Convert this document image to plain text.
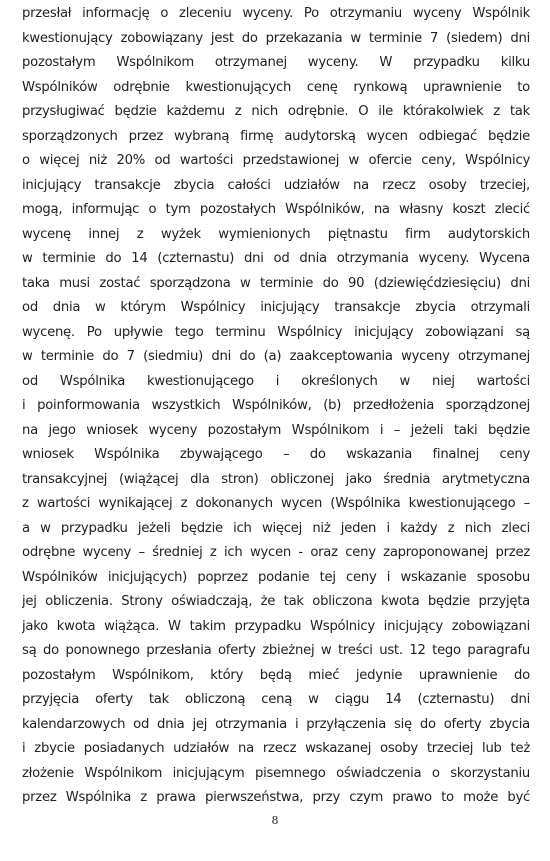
przesłał informację o zleceniu wyceny. Po otrzymaniu wyceny Wspólnik
kwestionujący zobowiązany jest do przekazania w terminie 7 (siedem) dni
pozostałym Wspólnikom otrzymanej wyceny. W przypadku kilku
Wspólników odrębnie kwestionujących cenę rynkową uprawnienie to
przysługiwać będzie każdemu z nich odrębnie. O ile którakolwiek z tak
sporządzonych przez wybraną firmę audytorską wycen odbiegać będzie
o więcej niż 20% od wartości przedstawionej w ofercie ceny, Wspólnicy
inicjujący transakcje zbycia całości udziałów na rzecz osoby trzeciej,
mogą, informując o tym pozostałych Wspólników, na własny koszt zlecić
wycenę innej z wyżek wymienionych piętnastu firm audytorskich
w terminie do 14 (czternastu) dni od dnia otrzymania wyceny. Wycena
taka musi zostać sporządzona w terminie do 90 (dziewięćdziesięciu) dni
od dnia w którym Wspólnicy inicjujący transakcje zbycia otrzymali
wycenę. Po upływie tego terminu Wspólnicy inicjujący zobowiązani są
w terminie do 7 (siedmiu) dni do (a) zaakceptowania wyceny otrzymanej
od Wspólnika kwestionującego i określonych w niej wartości
i poinformowania wszystkich Wspólników, (b) przedłożenia sporządzonej
na jego wniosek wyceny pozostałym Wspólnikom i – jeżeli taki będzie
wniosek Wspólnika zbywającego – do wskazania finalnej ceny
transakcyjnej (wiążącej dla stron) obliczonej jako średnia arytmetyczna
z wartości wynikającej z dokonanych wycen (Wspólnika kwestionującego –
a w przypadku jeżeli będzie ich więcej niż jeden i każdy z nich zleci
odrębne wyceny – średniej z ich wycen - oraz ceny zaproponowanej przez
Wspólników inicjujących) poprzez podanie tej ceny i wskazanie sposobu
jej obliczenia. Strony oświadczają, że tak obliczona kwota będzie przyjęta
jako kwota wiążąca. W takim przypadku Wspólnicy inicjujący zobowiązani
są do ponownego przesłania oferty zbieżnej w treści ust. 12 tego paragrafu
pozostałym Wspólnikom, który będą mieć jedynie uprawnienie do
przyjęcia oferty tak obliczoną ceną w ciągu 14 (czternastu) dni
kalendarzowych od dnia jej otrzymania i przyłączenia się do oferty zbycia
i zbycie posiadanych udziałów na rzecz wskazanej osoby trzeciej lub też
złożenie Wspólnikom inicjującym pisemnego oświadczenia o skorzystaniu
przez Wspólnika z prawa pierwszeństwa, przy czym prawo to może być
8
